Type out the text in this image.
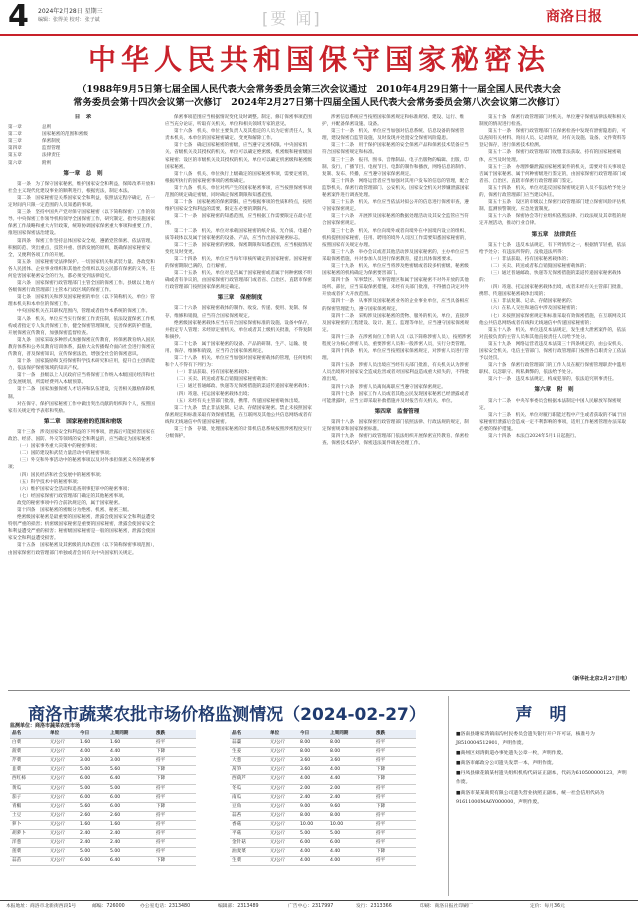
4 2024年2月28日 星期三
编辑：张得美 校对：张子斌	[要 闻]	商洛日报
中华人民共和国保守国家秘密法
（1988年9月5日第七届全国人民代表大会常务委员会第三次会议通过　2010年4月29日第十一届全国人民代表大会
常务委员会第十四次会议第一次修订　2024年2月27日第十四届全国人民代表大会常务委员会第八次会议第二次修订）
目　录
第一章	总则
第二章	国家秘密的范围和密级
第三章	保密制度
第四章	监督管理
第五章	法律责任
第六章	附则
第一章　总　则

第一条　为了保守国家秘密，维护国家安全和利益，保障改革开放和社会主义现代化建设事业的顺利进行，根据宪法，制定本法。

第二条　国家秘密是关系国家安全和利益，依照法定程序确定，在一定时间内只限一定范围的人员知悉的事项。

第三条　坚持中国共产党对保守国家秘密（以下简称保密）工作的领导。中央保密工作领导机构领导全国保密工作，研究制定、指导实施国家保密工作战略和重大方针政策，统筹协调国家保密重大事项和重要工作，推进国家保密法治建设。

第四条　保密工作坚持总体国家安全观，遵循党管保密、依法管理，积极防范、突出重点，技管并重、创新发展的原则，既确保国家秘密安全，又便利各项工作的开展。

第五条　国家秘密受法律保护。一切国家机关和武装力量、各政党和各人民团体、企业事业组织和其他社会组织以及公民都有保密的义务。任何危害国家秘密安全的行为，都必须受到法律追究。

第六条　国家保密行政管理部门主管全国的保密工作。县级以上地方各级保密行政管理部门主管本行政区域的保密工作。

第七条　国家机关和涉及国家秘密的单位（以下简称机关、单位）管理本机关和本单位的保密工作。

中央国家机关在其职权范围内，管理或者指导本系统的保密工作。

第八条　机关、单位应当实行保密工作责任制，依法设置保密工作机构或者指定专人负责保密工作，健全保密管理制度，完善保密防护措施，开展保密宣传教育，加强保密监督检查。

第九条　国家采取多种形式加强保密宣传教育，将保密教育纳入国民教育体系和公务员教育培训体系，鼓励大众传播媒介面向社会进行保密宣传教育，普及保密知识，宣传保密法治，增强全社会的保密意识。

第十条　国家鼓励和支持保密科学技术研究和应用，提升自主创新能力，依法保护保密领域的知识产权。

第十一条　县级以上人民政府应当将保密工作纳入本级国民经济和社会发展规划，所需经费列入本级预算。

第十二条　国家加强保密人才培养和队伍建设，完善相关激励保障机制。

对在保守、保护国家秘密工作中做出突出贡献的组织和个人，按照国家有关规定给予表彰和奖励。

第二章　国家秘密的范围和密级

第十三条　涉及国家安全和利益的下列事项，泄露后可能损害国家在政治、经济、国防、外交等领域的安全和利益的，应当确定为国家秘密：

（一）国家事务重大决策中的秘密事项；

（二）国防建设和武装力量活动中的秘密事项；

（三）外交和外事活动中的秘密事项以及对外承担保密义务的秘密事项；

（四）国民经济和社会发展中的秘密事项；

（五）科学技术中的秘密事项；

（六）维护国家安全活动和追查刑事犯罪中的秘密事项；

（七）经国家保密行政管理部门确定的其他秘密事项。

政党的秘密事项中符合前款规定的，属于国家秘密。

第十四条　国家秘密的密级分为绝密、机密、秘密三级。

绝密级国家秘密是最重要的国家秘密，泄露会使国家安全和利益遭受特别严重的损害；机密级国家秘密是重要的国家秘密，泄露会使国家安全和利益遭受严重的损害；秘密级国家秘密是一般的国家秘密，泄露会使国家安全和利益遭受损害。

第十五条　国家秘密及其密级的具体范围（以下简称保密事项范围），由国家保密行政管理部门单独或者会同有关中央国家机关规定。

保密事项范围应当根据情况变化及时调整。制定、修订保密事项范围应当充分论证，听取有关机关、单位和相关领域专家的意见。

第十六条　机关、单位主要负责人及其指定的人员为定密责任人，负责本机关、本单位的国家秘密确定、变更和解除工作。

第十七条　确定国家秘密的密级，应当遵守定密权限。中央国家机关、省级机关及其授权的机关、单位可以确定绝密级、机密级和秘密级国家秘密；设区的市级机关及其授权的机关、单位可以确定机密级和秘密级国家秘密。

第十八条　机关、单位执行上级确定的国家秘密事项，需要定密的，根据所执行的国家秘密事项的密级确定。

第十九条　机关、单位对所产生的国家秘密事项，应当按照保密事项范围的规定确定密级，同时确定保密期限和知悉范围。

第二十条　国家秘密的保密期限，应当根据事项的性质和特点，按照维护国家安全和利益的需要，限定在必要的期限内。

第二十一条　国家秘密的知悉范围，应当根据工作需要限定在最小范围。

第二十二条　机关、单位对承载国家秘密的纸介质、光介质、电磁介质等载体以及属于国家秘密的设备、产品，应当作出国家秘密标志。

第二十三条　国家秘密的密级、保密期限和知悉范围，应当根据情况变化及时变更。

第二十四条　机关、单位应当每年审核所确定的国家秘密。国家秘密的保密期限已满的，自行解密。

第二十五条　机关、单位对是否属于国家秘密或者属于何种密级不明确或者有争议的，由国家保密行政管理部门或者省、自治区、直辖市保密行政管理部门按照国家保密规定确定。

第三章　保密制度

第二十六条　国家秘密载体的制作、收发、传递、使用、复制、保存、维修和销毁，应当符合国家保密规定。

绝密级国家秘密载体应当在符合国家保密标准的设施、设备中保存，并指定专人管理；未经原定密机关、单位或者其上级机关批准，不得复制和摘抄。

第二十七条　属于国家秘密的设备、产品的研制、生产、运输、使用、保存、维修和销毁，应当符合国家保密规定。

第二十八条　机关、单位应当加强对国家秘密载体的管理，任何组织和个人不得有下列行为：

（一）非法获取、持有国家秘密载体；

（二）买卖、转送或者私自销毁国家秘密载体；

（三）通过普通邮政、快递等无保密措施的渠道传递国家秘密载体；

（四）寄递、托运国家秘密载体出境；

（五）未经有关主管部门批准，携带、传递国家秘密载体出境。

第二十九条　禁止非法复制、记录、存储国家秘密。禁止未按照国家保密规定和标准采取有效保密措施，在互联网及其他公共信息网络或者有线和无线通信中传递国家秘密。

第三十条　存储、处理国家秘密的计算机信息系统按照涉密程度实行分级保护。

涉密信息系统应当按照国家保密规定和标准规划、建设、运行、维护，并配备保密设施、设备。

第三十一条　机关、单位应当加强对信息系统、信息设备的保密管理，建设保密自监管设施，及时发现并处置安全保密风险隐患。

第三十二条　用于保护国家秘密的安全保密产品和保密技术装备应当符合国家保密规定和标准。

第三十三条　报刊、图书、音像制品、电子出版物的编辑、出版、印制、发行，广播节目、电视节目、电影的制作和播放，网络信息的制作、复制、发布、传播，应当遵守国家保密规定。

第三十四条　网络运营者应当加强对其用户发布的信息的管理，配合监察机关、保密行政管理部门、公安机关、国家安全机关对涉嫌泄露国家秘密案件进行调查处理。

第三十五条　机关、单位应当依法对拟公开的信息进行保密审查，遵守国家保密规定。

第三十六条　开展涉及国家秘密的数据处理活动及其安全监管应当符合国家保密规定。

第三十七条　机关、单位向境外或者向境外在中国境内设立的组织、机构提供国家秘密，任用、聘用的境外人员因工作需要知悉国家秘密的，按照国家有关规定办理。

第三十八条　举办会议或者其他活动涉及国家秘密的，主办单位应当采取保密措施，并对参加人员进行保密教育，提出具体保密要求。

第三十九条　机关、单位应当将涉及绝密级或者较多机密级、秘密级国家秘密的机构确定为保密要害部门。

第四十条　军事禁区、军事管理区和属于国家秘密不对外开放的其他场所、部位，应当采取保密措施，未经有关部门批准，不得擅自决定对外开放或者扩大开放范围。

第四十一条　从事涉及国家秘密业务的企业事业单位，应当具备相应的保密管理能力，遵守国家保密规定。

第四十二条　采购涉及国家秘密的货物、服务的机关、单位，直接涉及国家秘密的工程建设、设计、施工、监理等单位，应当遵守国家保密规定。

第四十三条　在涉密岗位工作的人员（以下简称涉密人员），按照涉密程度分为核心涉密人员、重要涉密人员和一般涉密人员，实行分类管理。

第四十四条　机关、单位应当按照国家保密规定，对涉密人员进行管理。

第四十五条　涉密人员出境应当经有关部门批准，有关机关认为涉密人员出境将对国家安全造成危害或者对国家利益造成重大损失的，不得批准出境。

第四十六条　涉密人员离岗离职应当遵守国家保密规定。

第四十七条　国家工作人员或者其他公民发现国家秘密已经泄露或者可能泄露时，应当立即采取补救措施并及时报告有关机关、单位。

第四章　监督管理

第四十八条　国家保密行政管理部门依照法律、行政法规的规定，制定保密规章和国家保密标准。

第四十九条　保密行政管理部门依法组织开展保密宣传教育、保密检查、保密技术防护、保密违法案件调查处理工作。

第五十条　保密行政管理部门对机关、单位遵守保密法律法规和相关制度的情况进行检查。

第五十一条　保密行政管理部门在保密检查中发现有泄密隐患的，可以查阅有关材料、询问人员、记录情况，对有关设施、设备、文件资料等登记保存，进行保密技术检测。

第五十二条　保密行政管理部门收缴非法获取、持有的国家秘密载体，应当及时处理。

第五十三条　办理涉嫌泄露国家秘密案件的机关，需要对有关事项是否属于国家秘密、属于何种密级进行鉴定的，由国家保密行政管理部门或者省、自治区、直辖市保密行政管理部门鉴定。

第五十四条　机关、单位对违反国家保密规定的人员不依法给予处分的，保密行政管理部门应当建议纠正。

第五十五条　设区的市级以上保密行政管理部门建立保密风险评估机制、监测预警制度、应急处置制度。

第五十六条　保密协会等行业组织依照法律、行政法规及其章程的规定开展活动，推动行业自律。

第五章　法律责任

第五十七条　违反本法规定，有下列情形之一，根据情节轻重，依法给予处分；有违法所得的，没收违法所得：

（一）非法获取、持有国家秘密载体的；

（二）买卖、转送或者私自销毁国家秘密载体的；

（三）通过普通邮政、快递等无保密措施的渠道传递国家秘密载体的；

（四）寄递、托运国家秘密载体出境，或者未经有关主管部门批准，携带、传递国家秘密载体出境的；

（五）非法复制、记录、存储国家秘密的；

（六）在私人交往和通信中涉及国家秘密的；

（七）未按照国家保密规定和标准采取有效保密措施，在互联网及其他公共信息网络或者有线和无线通信中传递国家秘密的；

第五十八条　机关、单位违反本法规定，发生重大泄密案件的，依法对直接负责的主管人员和其他直接责任人员给予处分。

第五十九条　网络运营者违反本法第三十四条规定的，由公安机关、国家安全机关、电信主管部门、保密行政管理部门按照各自职责分工依法予以处罚。

第六十条　保密行政管理部门的工作人员在履行保密管理职责中滥用职权、玩忽职守、徇私舞弊的，依法给予处分。

第六十一条　违反本法规定，构成犯罪的，依法追究刑事责任。

第六章　附　则

第六十二条　中央军事委员会根据本法制定中国人民解放军保密规定。

第六十三条　机关、单位对履行职能过程中产生或者获取的不属于国家秘密但泄露后会造成一定不利影响的事项，适用工作秘密管理办法采取必要的保护措施。

第六十四条　本法自2024年5月1日起施行。

（新华社北京2月27日电）
商洛市蔬菜农批市场价格监测情况（2024-02-27）
监测单位：商洛市蔬菜农批市场
品名	单位	今日	上周同期	涨跌
白菜	元/公斤	1.60	1.60	持平
菠菜	元/公斤	4.00	4.40	下降
芹菜	元/公斤	3.00	3.00	持平
韭菜	元/公斤	5.00	5.60	下降
西红柿	元/公斤	6.00	6.40	下降
黄瓜	元/公斤	5.00	5.00	持平
茄子	元/公斤	6.00	6.00	持平
青椒	元/公斤	5.60	6.00	下降
土豆	元/公斤	2.60	2.60	持平
萝卜	元/公斤	1.60	1.60	持平
胡萝卜	元/公斤	2.40	2.40	持平
洋葱	元/公斤	2.40	2.40	持平
莲菜	元/公斤	5.00	5.00	持平
蒜苗	元/公斤	6.00	6.40	下降
品名	单位	今日	上周同期	涨跌
蒜薹	元/公斤	8.00	8.00	持平
生姜	元/公斤	8.00	8.00	持平
大葱	元/公斤	3.60	3.60	持平
莴笋	元/公斤	3.60	4.00	下降
西葫芦	元/公斤	4.00	4.40	下降
冬瓜	元/公斤	2.00	2.00	持平
南瓜	元/公斤	2.40	2.40	持平
豆角	元/公斤	9.00	9.60	下降
蒜苔	元/公斤	8.00	8.00	持平
香菇	元/公斤	10.00	10.00	持平
平菇	元/公斤	5.00	5.00	持平
金针菇	元/公斤	6.00	6.00	持平
油麦菜	元/公斤	4.00	4.40	下降
生菜	元/公斤	4.00	4.00	持平
声　明

■洛南县谢家湾镇南沟村民委员会遗失银行开户许可证，核准号为J8510004512901，声明作废。

■商州区刘湾街道办事处遗失公章一枚，声明作废。

■商洛市邮政分公司遗失发票一本，声明作废。

■丹凤县棣花镇某村遗失组织机构代码证正副本，代码为610500000123，声明作废。

■商洛市某某商贸有限公司遗失营业执照正副本，统一社会信用代码为91611000MA6Y000000，声明作废。

本报地址：商洛市北新街西段1号	邮编：726000	办公室电话：2313480	编辑部：2313489	广告中心：2317997	发行：2313366	印刷：商洛日报社印刷厂	定价：每月36元
